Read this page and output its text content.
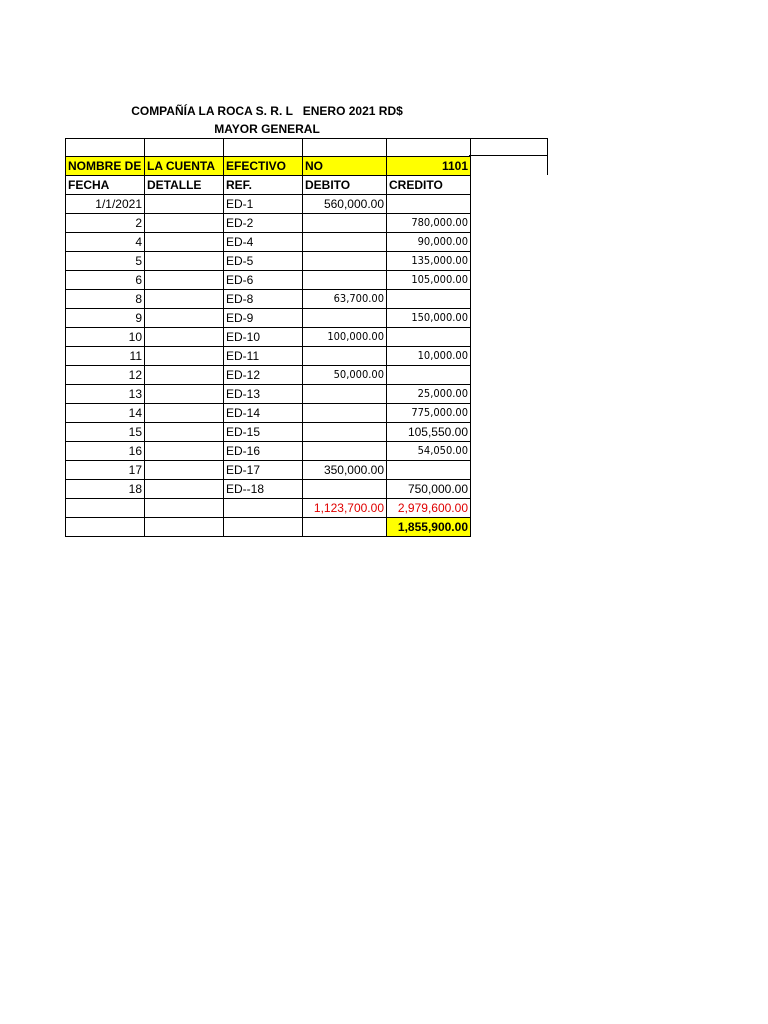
COMPAÑÍA LA ROCA S. R. L   ENERO 2021 RD$
MAYOR GENERAL

NOMBRE DE	LA CUENTA	EFECTIVO	NO	1101
FECHA	DETALLE	REF.	DEBITO	CREDITO
1/1/2021		ED-1	560,000.00	
2		ED-2		780,000.00
4		ED-4		90,000.00
5		ED-5		135,000.00
6		ED-6		105,000.00
8		ED-8	63,700.00	
9		ED-9		150,000.00
10		ED-10	100,000.00	
11		ED-11		10,000.00
12		ED-12	50,000.00	
13		ED-13		25,000.00
14		ED-14		775,000.00
15		ED-15		105,550.00
16		ED-16		54,050.00
17		ED-17	350,000.00	
18		ED--18		750,000.00
			1,123,700.00	2,979,600.00
				1,855,900.00
